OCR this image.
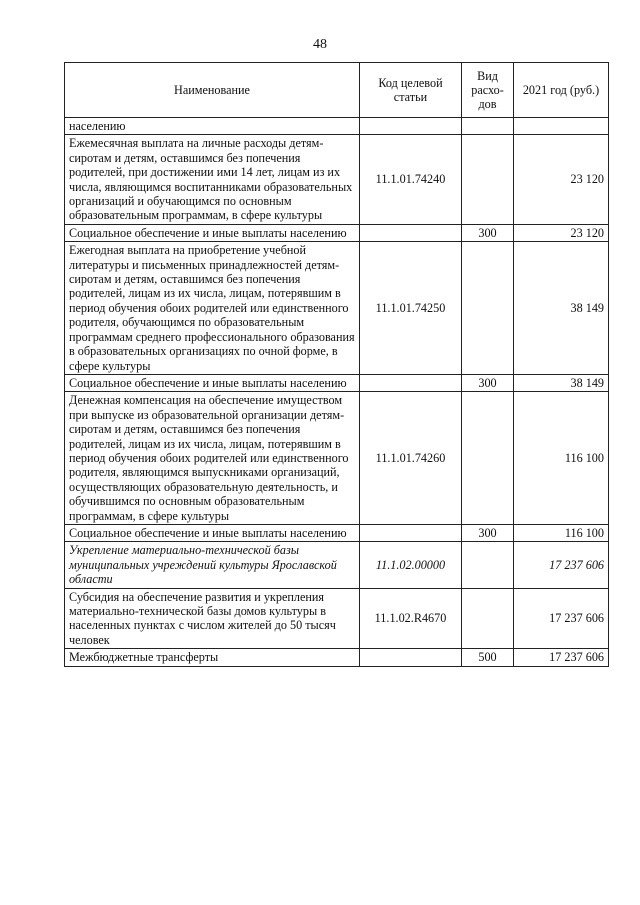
48
Наименование	Код целевой статьи	Вид расхо-дов	2021 год (руб.)
населению			
Ежемесячная выплата на личные расходы детям-сиротам и детям, оставшимся без попечения родителей, при достижении ими 14 лет, лицам из их числа, являющимся воспитанниками образовательных организаций и обучающимся по основным образовательным программам, в сфере культуры	11.1.01.74240		23 120
Социальное обеспечение и иные выплаты населению		300	23 120
Ежегодная выплата на приобретение учебной литературы и письменных принадлежностей детям-сиротам и детям, оставшимся без попечения родителей, лицам из их числа, лицам, потерявшим в период обучения обоих родителей или единственного родителя, обучающимся по образовательным программам среднего профессионального образования в образовательных организациях по очной форме, в сфере культуры	11.1.01.74250		38 149
Социальное обеспечение и иные выплаты населению		300	38 149
Денежная компенсация на обеспечение имуществом при выпуске из образовательной организации детям-сиротам и детям, оставшимся без попечения родителей, лицам из их числа, лицам, потерявшим в период обучения обоих родителей или единственного родителя, являющимся выпускниками организаций, осуществляющих образовательную деятельность, и обучившимся по основным образовательным программам, в сфере культуры	11.1.01.74260		116 100
Социальное обеспечение и иные выплаты населению		300	116 100
Укрепление материально-технической базы муниципальных учреждений культуры Ярославской области	11.1.02.00000		17 237 606
Субсидия на обеспечение развития и укрепления материально-технической базы домов культуры в населенных пунктах с числом жителей до 50 тысяч человек	11.1.02.R4670		17 237 606
Межбюджетные трансферты		500	17 237 606
